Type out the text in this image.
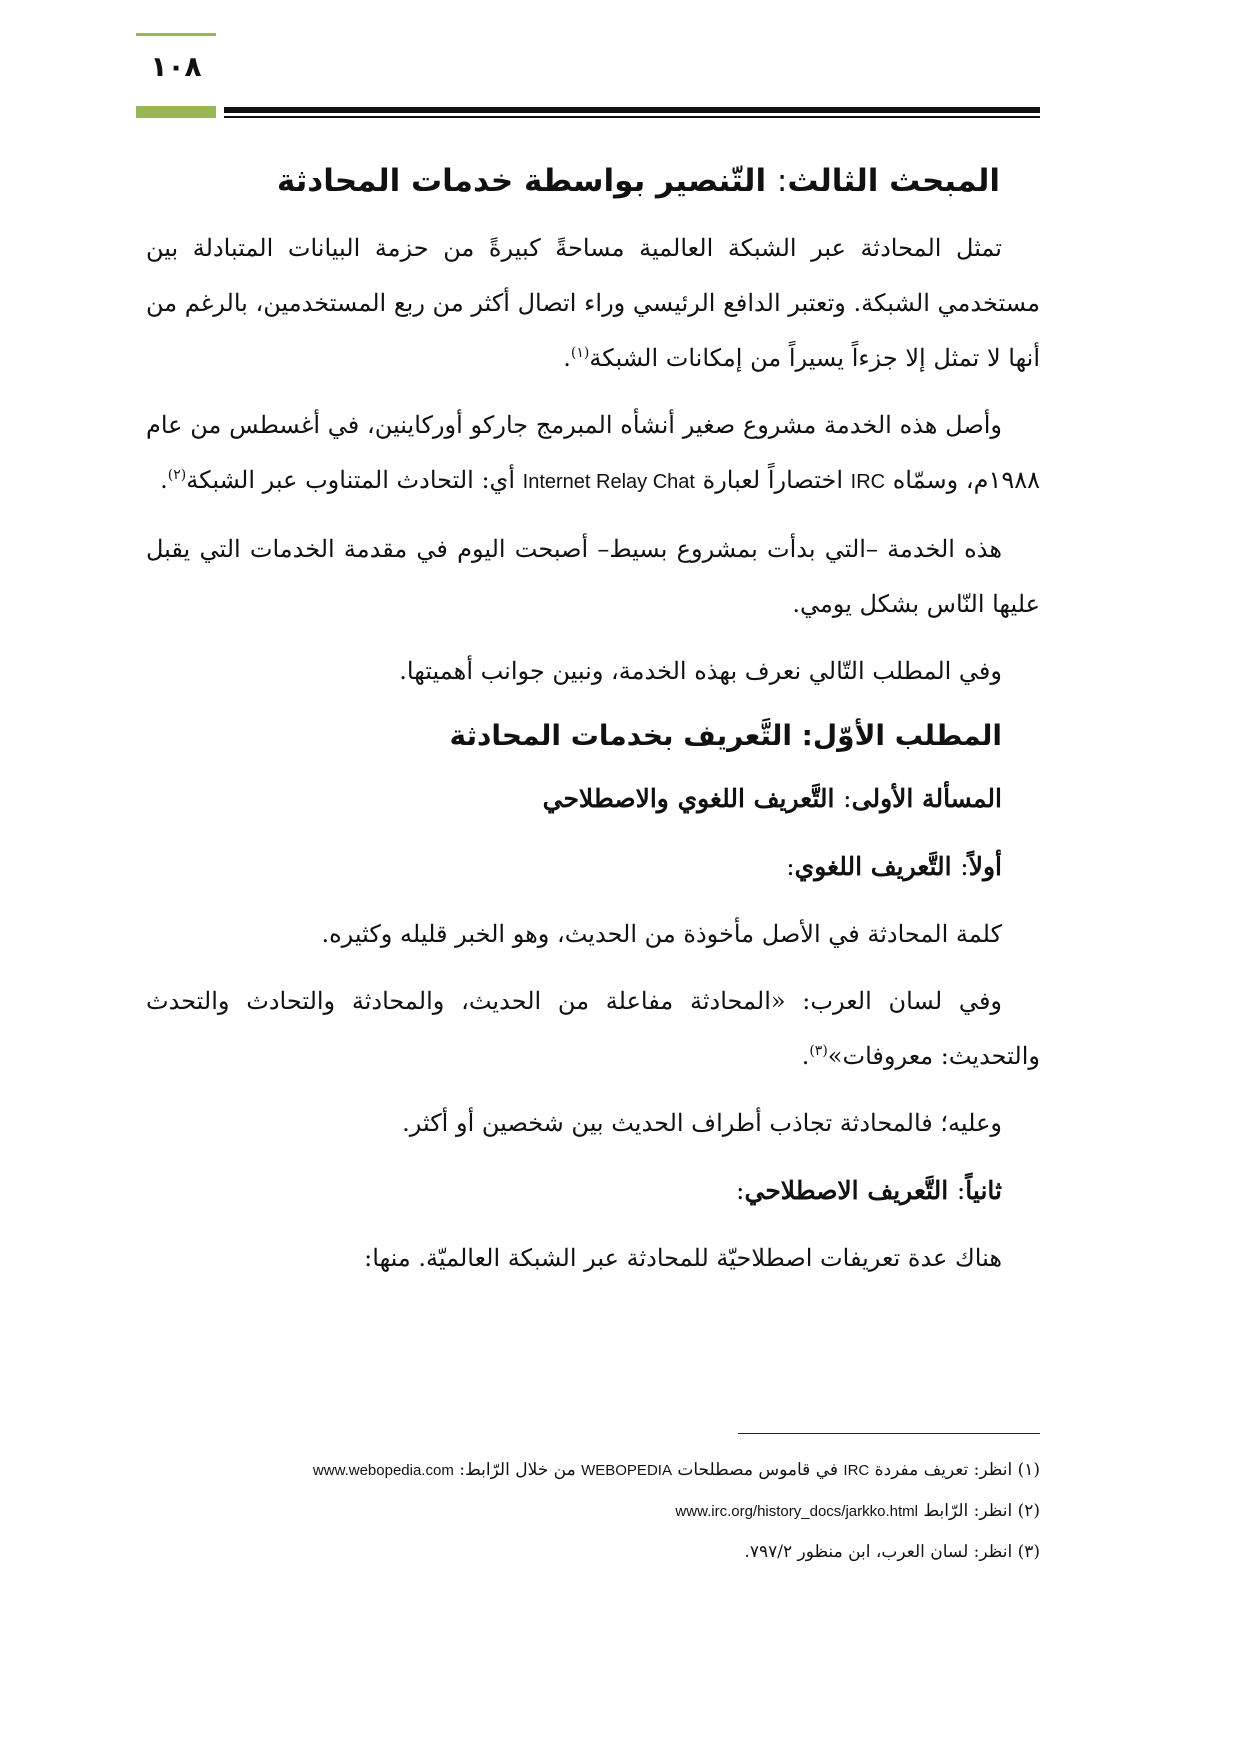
١٠٨
المبحث الثالث: التّنصير بواسطة خدمات المحادثة

تمثل المحادثة عبر الشبكة العالمية مساحةً كبيرةً من حزمة البيانات المتبادلة بين مستخدمي الشبكة. وتعتبر الدافع الرئيسي وراء اتصال أكثر من ربع المستخدمين، بالرغم من أنها لا تمثل إلا جزءاً يسيراً من إمكانات الشبكة$^{(١)}$.

وأصل هذه الخدمة مشروع صغير أنشأه المبرمج جاركو أوركاينين، في أغسطس من عام ١٩٨٨م، وسمّاه IRC اختصاراً لعبارة Internet Relay Chat أي: التحادث المتناوب عبر الشبكة$^{(٢)}$.

هذه الخدمة –التي بدأت بمشروع بسيط– أصبحت اليوم في مقدمة الخدمات التي يقبل عليها النّاس بشكل يومي.

وفي المطلب التّالي نعرف بهذه الخدمة، ونبين جوانب أهميتها.

المطلب الأوّل: التَّعريف بخدمات المحادثة
المسألة الأولى: التَّعريف اللغوي والاصطلاحي
أولاً: التَّعريف اللغوي:

كلمة المحادثة في الأصل مأخوذة من الحديث، وهو الخبر قليله وكثيره.

وفي لسان العرب: «المحادثة مفاعلة من الحديث، والمحادثة والتحادث والتحدث والتحديث: معروفات»$^{(٣)}$.

وعليه؛ فالمحادثة تجاذب أطراف الحديث بين شخصين أو أكثر.

ثانياً: التَّعريف الاصطلاحي:

هناك عدة تعريفات اصطلاحيّة للمحادثة عبر الشبكة العالميّة. منها:

(١) انظر: تعريف مفردة IRC في قاموس مصطلحات WEBOPEDIA من خلال الرّابط: www.webopedia.com

(٢) انظر: الرّابط www.irc.org/history_docs/jarkko.html

(٣) انظر: لسان العرب، ابن منظور ٧٩٧/٢.
